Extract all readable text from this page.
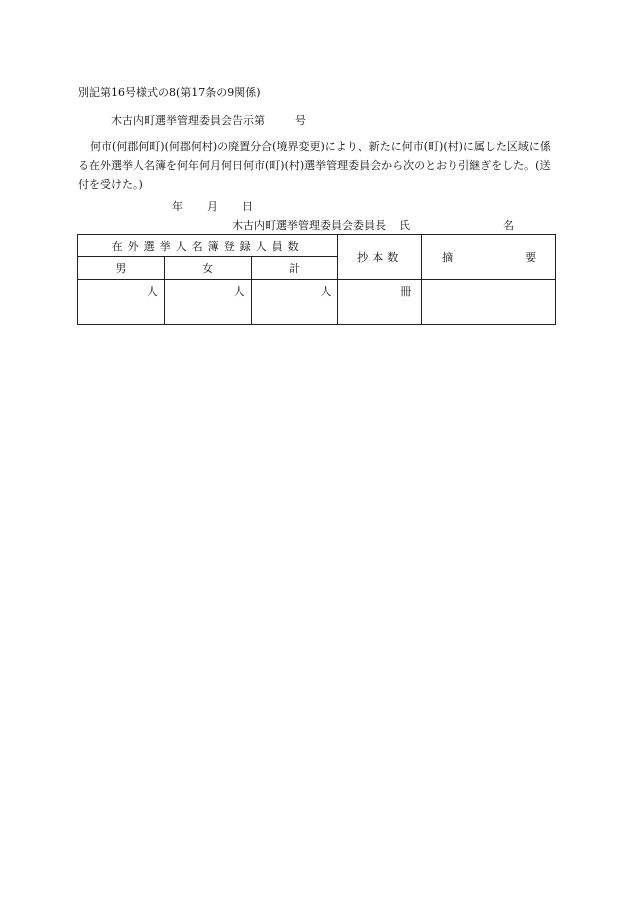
別記第16号様式の8(第17条の9関係)
木古内町選挙管理委員会告示第	号
何市(何郡何町)(何郡何村)の廃置分合(境界変更)により、新たに何市(町)(村)に属した区域に係る在外選挙人名簿を何年何月何日何市(町)(村)選挙管理委員会から次のとおり引継ぎをした。(送付を受けた。)
年 月 日
木古内町選挙管理委員会委員長 氏	名
在外選挙人名簿登録人員数			抄本数	摘 要
男	女	計		
人	人	人	冊	
